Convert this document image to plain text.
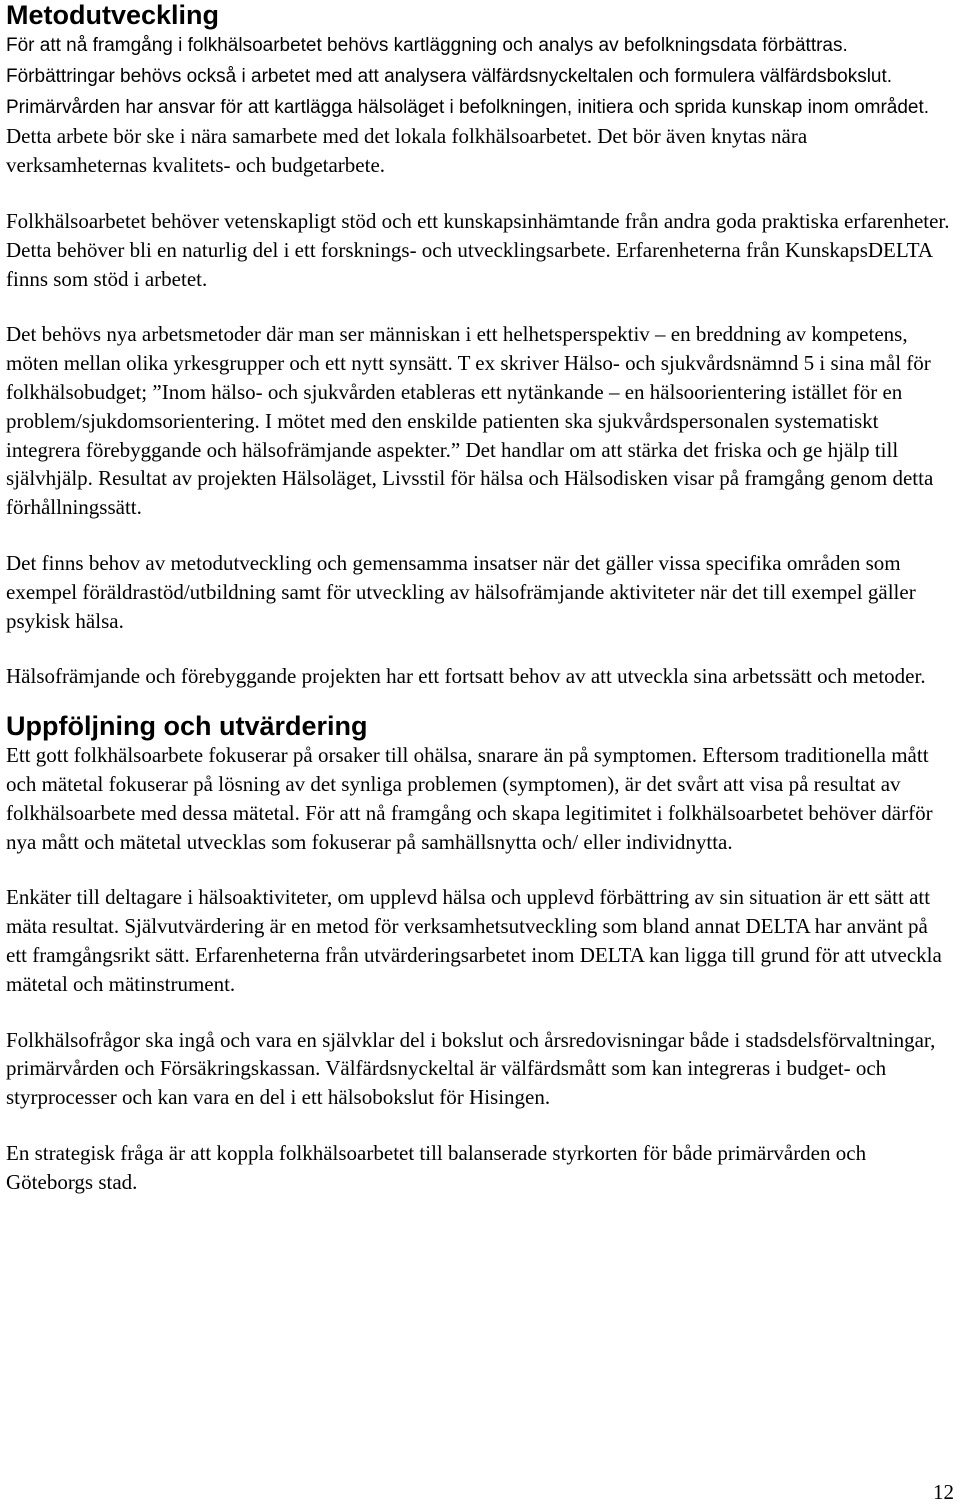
Metodutveckling

För att nå framgång i folkhälsoarbetet behövs kartläggning och analys av befolkningsdata förbättras. Förbättringar behövs också i arbetet med att analysera välfärdsnyckeltalen och formulera välfärdsbokslut. Primärvården har ansvar för att kartlägga hälsoläget i befolkningen, initiera och sprida kunskap inom området. Detta arbete bör ske i nära samarbete med det lokala folkhälsoarbetet. Det bör även knytas nära verksamheternas kvalitets- och budgetarbete.

Folkhälsoarbetet behöver vetenskapligt stöd och ett kunskapsinhämtande från andra goda praktiska erfarenheter. Detta behöver bli en naturlig del i ett forsknings- och utvecklingsarbete. Erfarenheterna från KunskapsDELTA finns som stöd i arbetet.

Det behövs nya arbetsmetoder där man ser människan i ett helhetsperspektiv – en breddning av kompetens, möten mellan olika yrkesgrupper och ett nytt synsätt. T ex skriver Hälso- och sjukvårdsnämnd 5 i sina mål för folkhälsobudget; ”Inom hälso- och sjukvården etableras ett nytänkande – en hälsoorientering istället för en problem/sjukdomsorientering. I mötet med den enskilde patienten ska sjukvårdspersonalen systematiskt integrera förebyggande och hälsofrämjande aspekter.” Det handlar om att stärka det friska och ge hjälp till självhjälp. Resultat av projekten Hälsoläget, Livsstil för hälsa och Hälsodisken visar på framgång genom detta förhållningssätt.

Det finns behov av metodutveckling och gemensamma insatser när det gäller vissa specifika områden som exempel föräldrastöd/utbildning samt för utveckling av hälsofrämjande aktiviteter när det till exempel gäller psykisk hälsa.

Hälsofrämjande och förebyggande projekten har ett fortsatt behov av att utveckla sina arbetssätt och metoder.

Uppföljning och utvärdering

Ett gott folkhälsoarbete fokuserar på orsaker till ohälsa, snarare än på symptomen. Eftersom traditionella mått och mätetal fokuserar på lösning av det synliga problemen (symptomen), är det svårt att visa på resultat av folkhälsoarbete med dessa mätetal. För att nå framgång och skapa legitimitet i folkhälsoarbetet behöver därför nya mått och mätetal utvecklas som fokuserar på samhällsnytta och/ eller individnytta.

Enkäter till deltagare i hälsoaktiviteter, om upplevd hälsa och upplevd förbättring av sin situation är ett sätt att mäta resultat. Självutvärdering är en metod för verksamhetsutveckling som bland annat DELTA har använt på ett framgångsrikt sätt. Erfarenheterna från utvärderingsarbetet inom DELTA kan ligga till grund för att utveckla mätetal och mätinstrument.

Folkhälsofrågor ska ingå och vara en självklar del i bokslut och årsredovisningar både i stadsdelsförvaltningar, primärvården och Försäkringskassan. Välfärdsnyckeltal är välfärdsmått som kan integreras i budget- och styrprocesser och kan vara en del i ett hälsobokslut för Hisingen.

En strategisk fråga är att koppla folkhälsoarbetet till balanserade styrkorten för både primärvården och Göteborgs stad.

12
